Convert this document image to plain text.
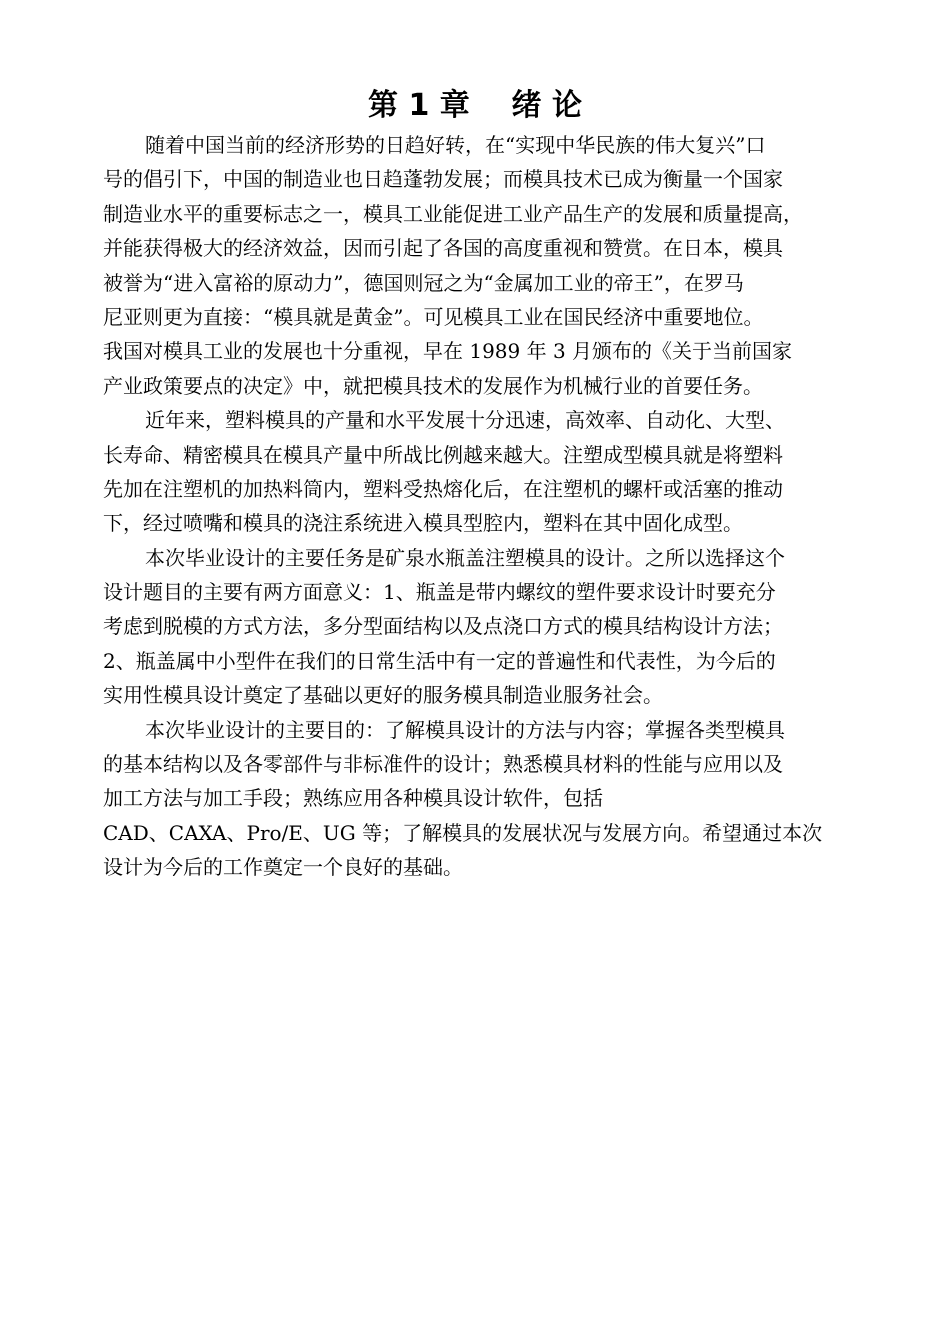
第 1 章    绪 论
随着中国当前的经济形势的日趋好转，在“实现中华民族的伟大复兴”口
号的倡引下，中国的制造业也日趋蓬勃发展；而模具技术已成为衡量一个国家
制造业水平的重要标志之一，模具工业能促进工业产品生产的发展和质量提高，
并能获得极大的经济效益，因而引起了各国的高度重视和赞赏。在日本，模具
被誉为“进入富裕的原动力”，德国则冠之为“金属加工业的帝王”，在罗马
尼亚则更为直接：“模具就是黄金”。可见模具工业在国民经济中重要地位。
我国对模具工业的发展也十分重视，早在 1989 年 3 月颁布的《关于当前国家
产业政策要点的决定》中，就把模具技术的发展作为机械行业的首要任务。
近年来，塑料模具的产量和水平发展十分迅速，高效率、自动化、大型、
长寿命、精密模具在模具产量中所战比例越来越大。注塑成型模具就是将塑料
先加在注塑机的加热料筒内，塑料受热熔化后，在注塑机的螺杆或活塞的推动
下，经过喷嘴和模具的浇注系统进入模具型腔内，塑料在其中固化成型。
本次毕业设计的主要任务是矿泉水瓶盖注塑模具的设计。之所以选择这个
设计题目的主要有两方面意义：1、瓶盖是带内螺纹的塑件要求设计时要充分
考虑到脱模的方式方法，多分型面结构以及点浇口方式的模具结构设计方法；
2、瓶盖属中小型件在我们的日常生活中有一定的普遍性和代表性，为今后的
实用性模具设计奠定了基础以更好的服务模具制造业服务社会。
本次毕业设计的主要目的：了解模具设计的方法与内容；掌握各类型模具
的基本结构以及各零部件与非标准件的设计；熟悉模具材料的性能与应用以及
加工方法与加工手段；熟练应用各种模具设计软件，包括
CAD、CAXA、Pro/E、UG 等；了解模具的发展状况与发展方向。希望通过本次
设计为今后的工作奠定一个良好的基础。
